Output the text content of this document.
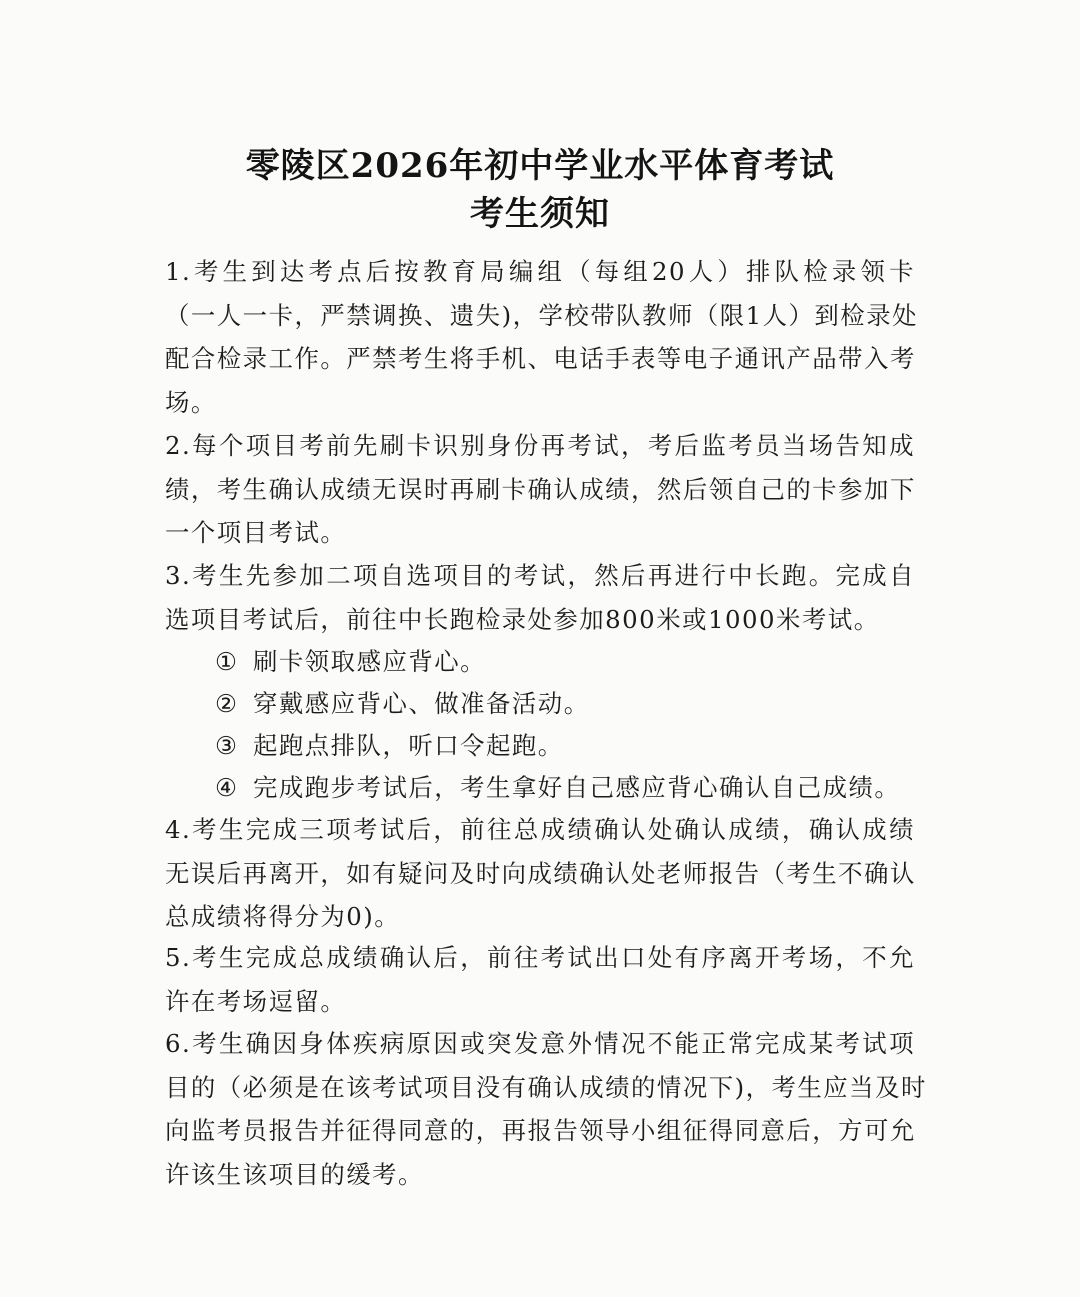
零陵区2026年初中学业水平体育考试
考生须知
1.考生到达考点后按教育局编组（每组20人）排队检录领卡
（一人一卡，严禁调换、遗失)，学校带队教师（限1人）到检录处
配合检录工作。严禁考生将手机、电话手表等电子通讯产品带入考
场。
2.每个项目考前先刷卡识别身份再考试，考后监考员当场告知成
绩，考生确认成绩无误时再刷卡确认成绩，然后领自己的卡参加下
一个项目考试。
3.考生先参加二项自选项目的考试，然后再进行中长跑。完成自
选项目考试后，前往中长跑检录处参加800米或1000米考试。
① 刷卡领取感应背心。
② 穿戴感应背心、做准备活动。
③ 起跑点排队，听口令起跑。
④ 完成跑步考试后，考生拿好自己感应背心确认自己成绩。
4.考生完成三项考试后，前往总成绩确认处确认成绩，确认成绩
无误后再离开，如有疑问及时向成绩确认处老师报告（考生不确认
总成绩将得分为0)。
5.考生完成总成绩确认后，前往考试出口处有序离开考场，不允
许在考场逗留。
6.考生确因身体疾病原因或突发意外情况不能正常完成某考试项
目的（必须是在该考试项目没有确认成绩的情况下)，考生应当及时
向监考员报告并征得同意的，再报告领导小组征得同意后，方可允
许该生该项目的缓考。
